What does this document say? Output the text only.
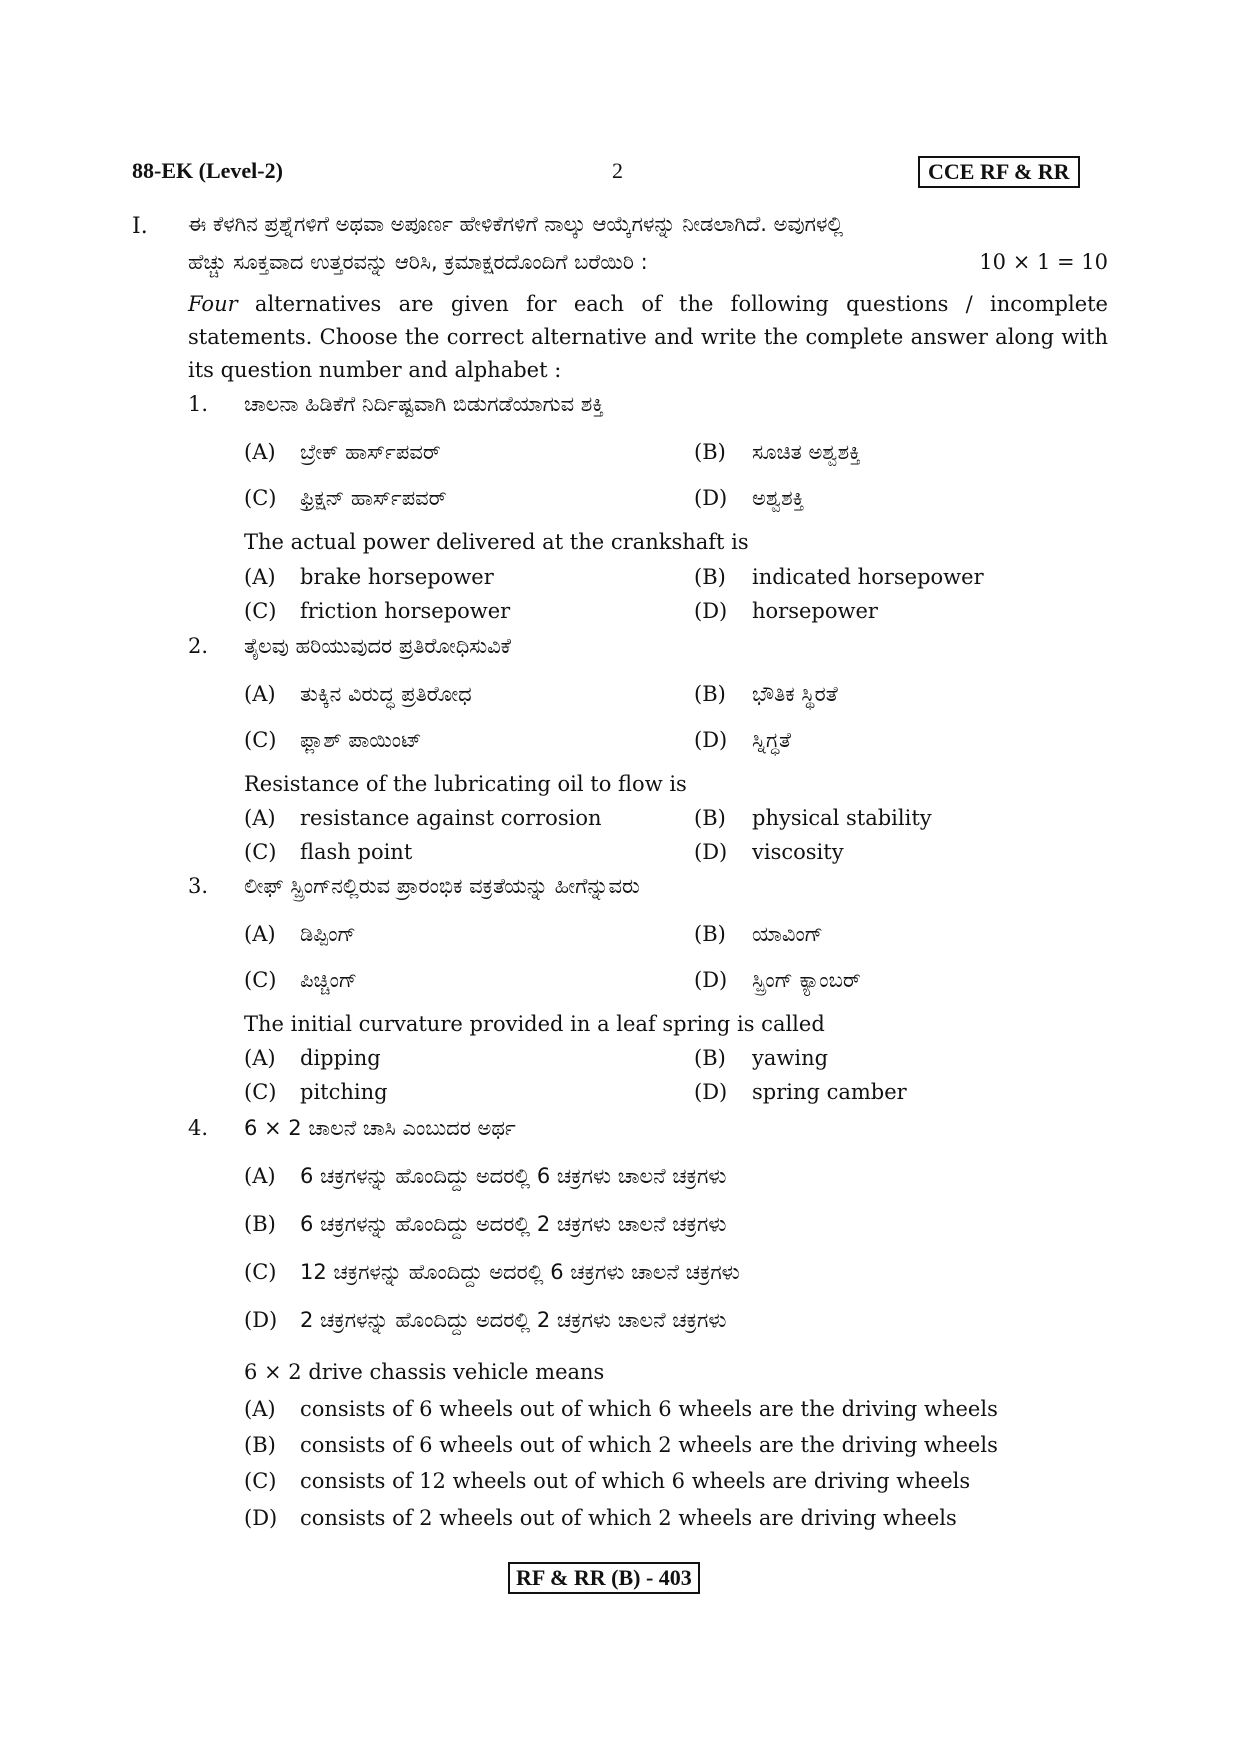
88-EK (Level-2)	2	CCE RF & RR
I. ಈ ಕೆಳಗಿನ ಪ್ರಶ್ನೆಗಳಿಗೆ ಅಥವಾ ಅಪೂರ್ಣ ಹೇಳಿಕೆಗಳಿಗೆ ನಾಲ್ಕು ಆಯ್ಕೆಗಳನ್ನು ನೀಡಲಾಗಿದೆ. ಅವುಗಳಲ್ಲಿ
ಹೆಚ್ಚು ಸೂಕ್ತವಾದ ಉತ್ತರವನ್ನು ಆರಿಸಿ, ಕ್ರಮಾಕ್ಷರದೊಂದಿಗೆ ಬರೆಯಿರಿ :	10 × 1 = 10
Four alternatives are given for each of the following questions / incomplete statements. Choose the correct alternative and write the complete answer along with its question number and alphabet :
1. ಚಾಲನಾ ಹಿಡಿಕೆಗೆ ನಿರ್ದಿಷ್ಟವಾಗಿ ಬಿಡುಗಡೆಯಾಗುವ ಶಕ್ತಿ
(A) ಬ್ರೇಕ್ ಹಾರ್ಸ್‌ಪವರ್	(B) ಸೂಚಿತ ಅಶ್ವಶಕ್ತಿ
(C) ಫ್ರಿಕ್ಷನ್ ಹಾರ್ಸ್‌ಪವರ್	(D) ಅಶ್ವಶಕ್ತಿ
The actual power delivered at the crankshaft is
(A) brake horsepower	(B) indicated horsepower
(C) friction horsepower	(D) horsepower
2. ತೈಲವು ಹರಿಯುವುದರ ಪ್ರತಿರೋಧಿಸುವಿಕೆ
(A) ತುಕ್ಕಿನ ವಿರುದ್ಧ ಪ್ರತಿರೋಧ	(B) ಭೌತಿಕ ಸ್ಥಿರತೆ
(C) ಫ್ಲಾಶ್ ಪಾಯಿಂಟ್	(D) ಸ್ನಿಗ್ಧತೆ
Resistance of the lubricating oil to flow is
(A) resistance against corrosion	(B) physical stability
(C) flash point	(D) viscosity
3. ಲೀಫ್ ಸ್ಪ್ರಿಂಗ್‌ನಲ್ಲಿರುವ ಪ್ರಾರಂಭಿಕ ವಕ್ರತೆಯನ್ನು ಹೀಗೆನ್ನುವರು
(A) ಡಿಪ್ಪಿಂಗ್	(B) ಯಾವಿಂಗ್
(C) ಪಿಚ್ಚಿಂಗ್	(D) ಸ್ಪ್ರಿಂಗ್ ಕ್ಯಾಂಬರ್
The initial curvature provided in a leaf spring is called
(A) dipping	(B) yawing
(C) pitching	(D) spring camber
4. 6 × 2 ಚಾಲನೆ ಚಾಸಿ ಎಂಬುದರ ಅರ್ಥ
(A) 6 ಚಕ್ರಗಳನ್ನು ಹೊಂದಿದ್ದು ಅದರಲ್ಲಿ 6 ಚಕ್ರಗಳು ಚಾಲನೆ ಚಕ್ರಗಳು
(B) 6 ಚಕ್ರಗಳನ್ನು ಹೊಂದಿದ್ದು ಅದರಲ್ಲಿ 2 ಚಕ್ರಗಳು ಚಾಲನೆ ಚಕ್ರಗಳು
(C) 12 ಚಕ್ರಗಳನ್ನು ಹೊಂದಿದ್ದು ಅದರಲ್ಲಿ 6 ಚಕ್ರಗಳು ಚಾಲನೆ ಚಕ್ರಗಳು
(D) 2 ಚಕ್ರಗಳನ್ನು ಹೊಂದಿದ್ದು ಅದರಲ್ಲಿ 2 ಚಕ್ರಗಳು ಚಾಲನೆ ಚಕ್ರಗಳು
6 × 2 drive chassis vehicle means
(A) consists of 6 wheels out of which 6 wheels are the driving wheels
(B) consists of 6 wheels out of which 2 wheels are the driving wheels
(C) consists of 12 wheels out of which 6 wheels are driving wheels
(D) consists of 2 wheels out of which 2 wheels are driving wheels
RF & RR (B) - 403
